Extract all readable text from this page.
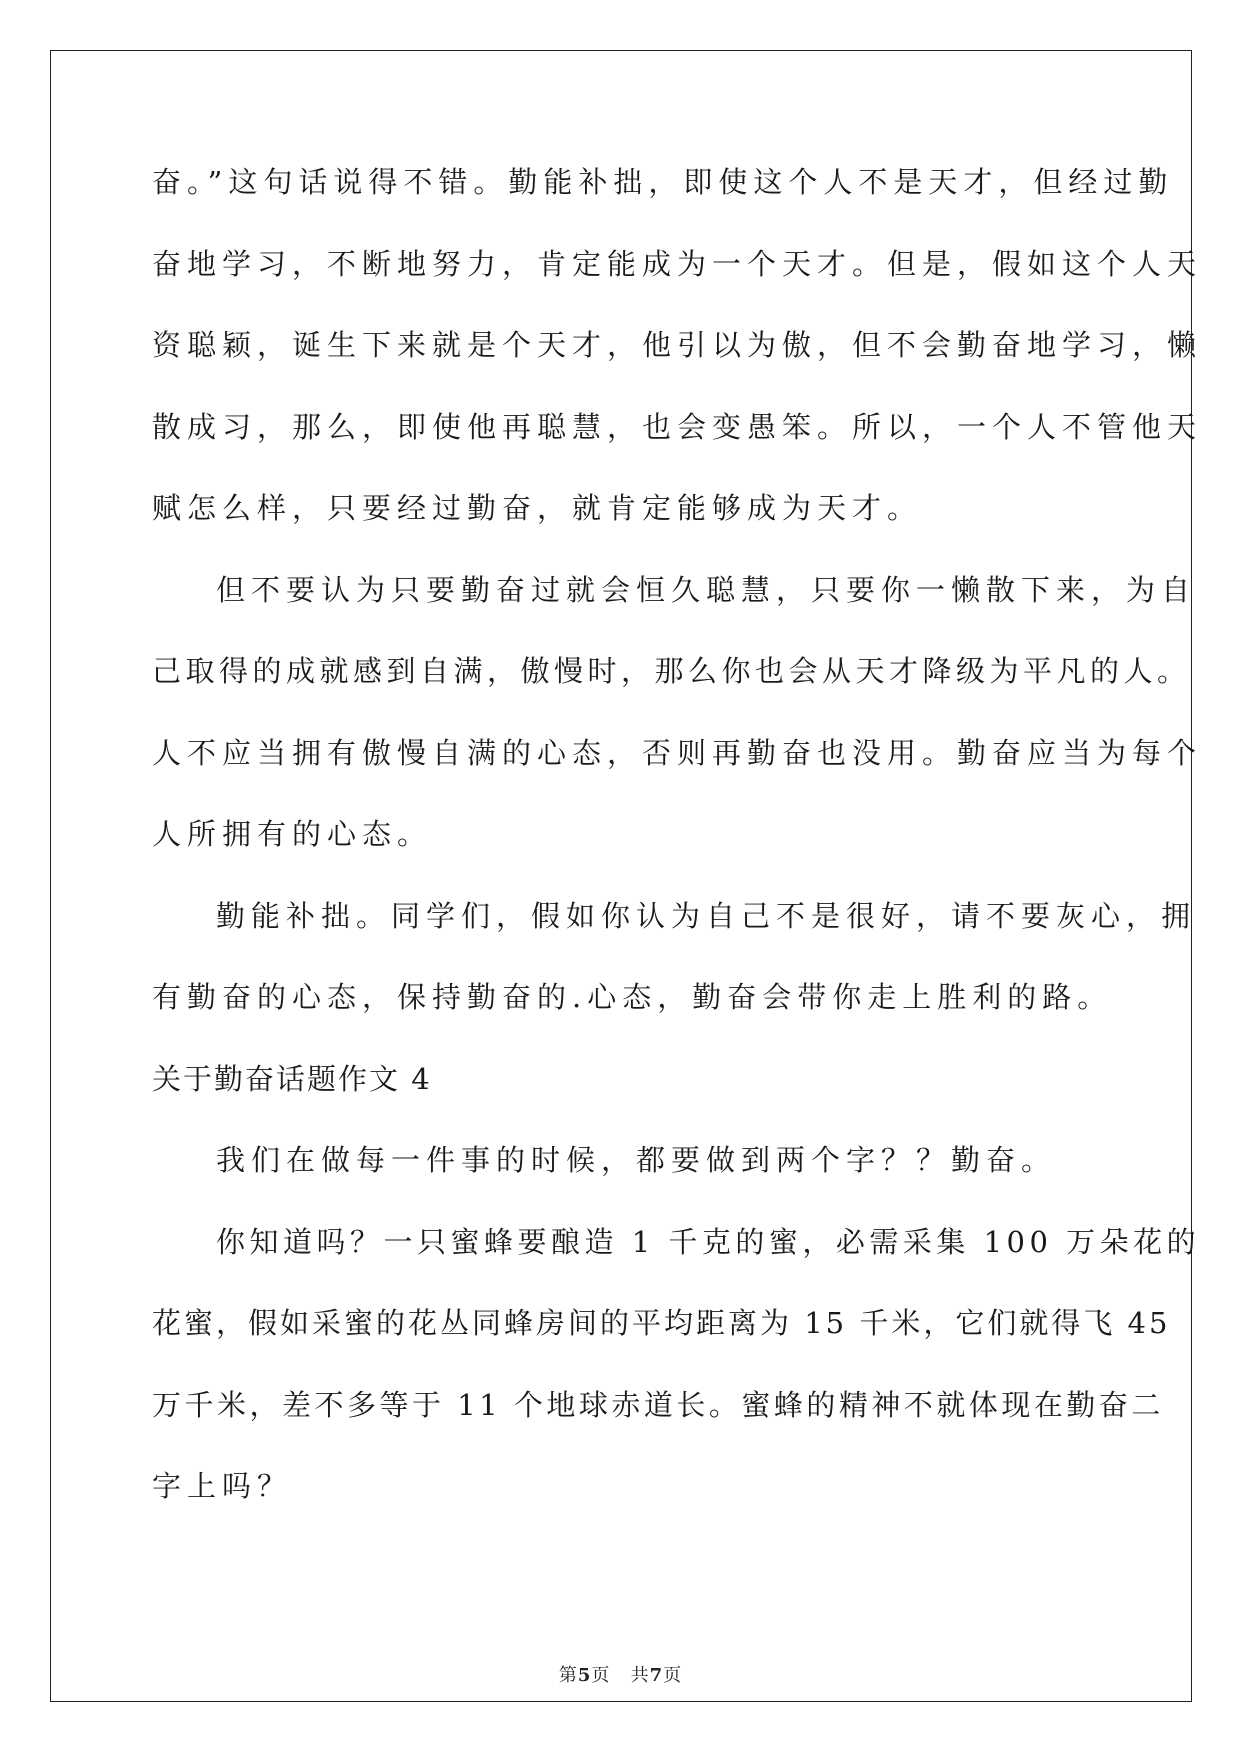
奋。”这句话说得不错。勤能补拙，即使这个人不是天才，但经过勤
奋地学习，不断地努力，肯定能成为一个天才。但是，假如这个人天
资聪颖，诞生下来就是个天才，他引以为傲，但不会勤奋地学习，懒
散成习，那么，即使他再聪慧，也会变愚笨。所以，一个人不管他天
赋怎么样，只要经过勤奋，就肯定能够成为天才。
但不要认为只要勤奋过就会恒久聪慧，只要你一懒散下来，为自
己取得的成就感到自满，傲慢时，那么你也会从天才降级为平凡的人。
人不应当拥有傲慢自满的心态，否则再勤奋也没用。勤奋应当为每个
人所拥有的心态。
勤能补拙。同学们，假如你认为自己不是很好，请不要灰心，拥
有勤奋的心态，保持勤奋的.心态，勤奋会带你走上胜利的路。
关于勤奋话题作文 4
我们在做每一件事的时候，都要做到两个字？？勤奋。
你知道吗？一只蜜蜂要酿造 1 千克的蜜，必需采集 100 万朵花的
花蜜，假如采蜜的花丛同蜂房间的平均距离为 15 千米，它们就得飞 45
万千米，差不多等于 11 个地球赤道长。蜜蜂的精神不就体现在勤奋二
字上吗？
第5页   共7页
